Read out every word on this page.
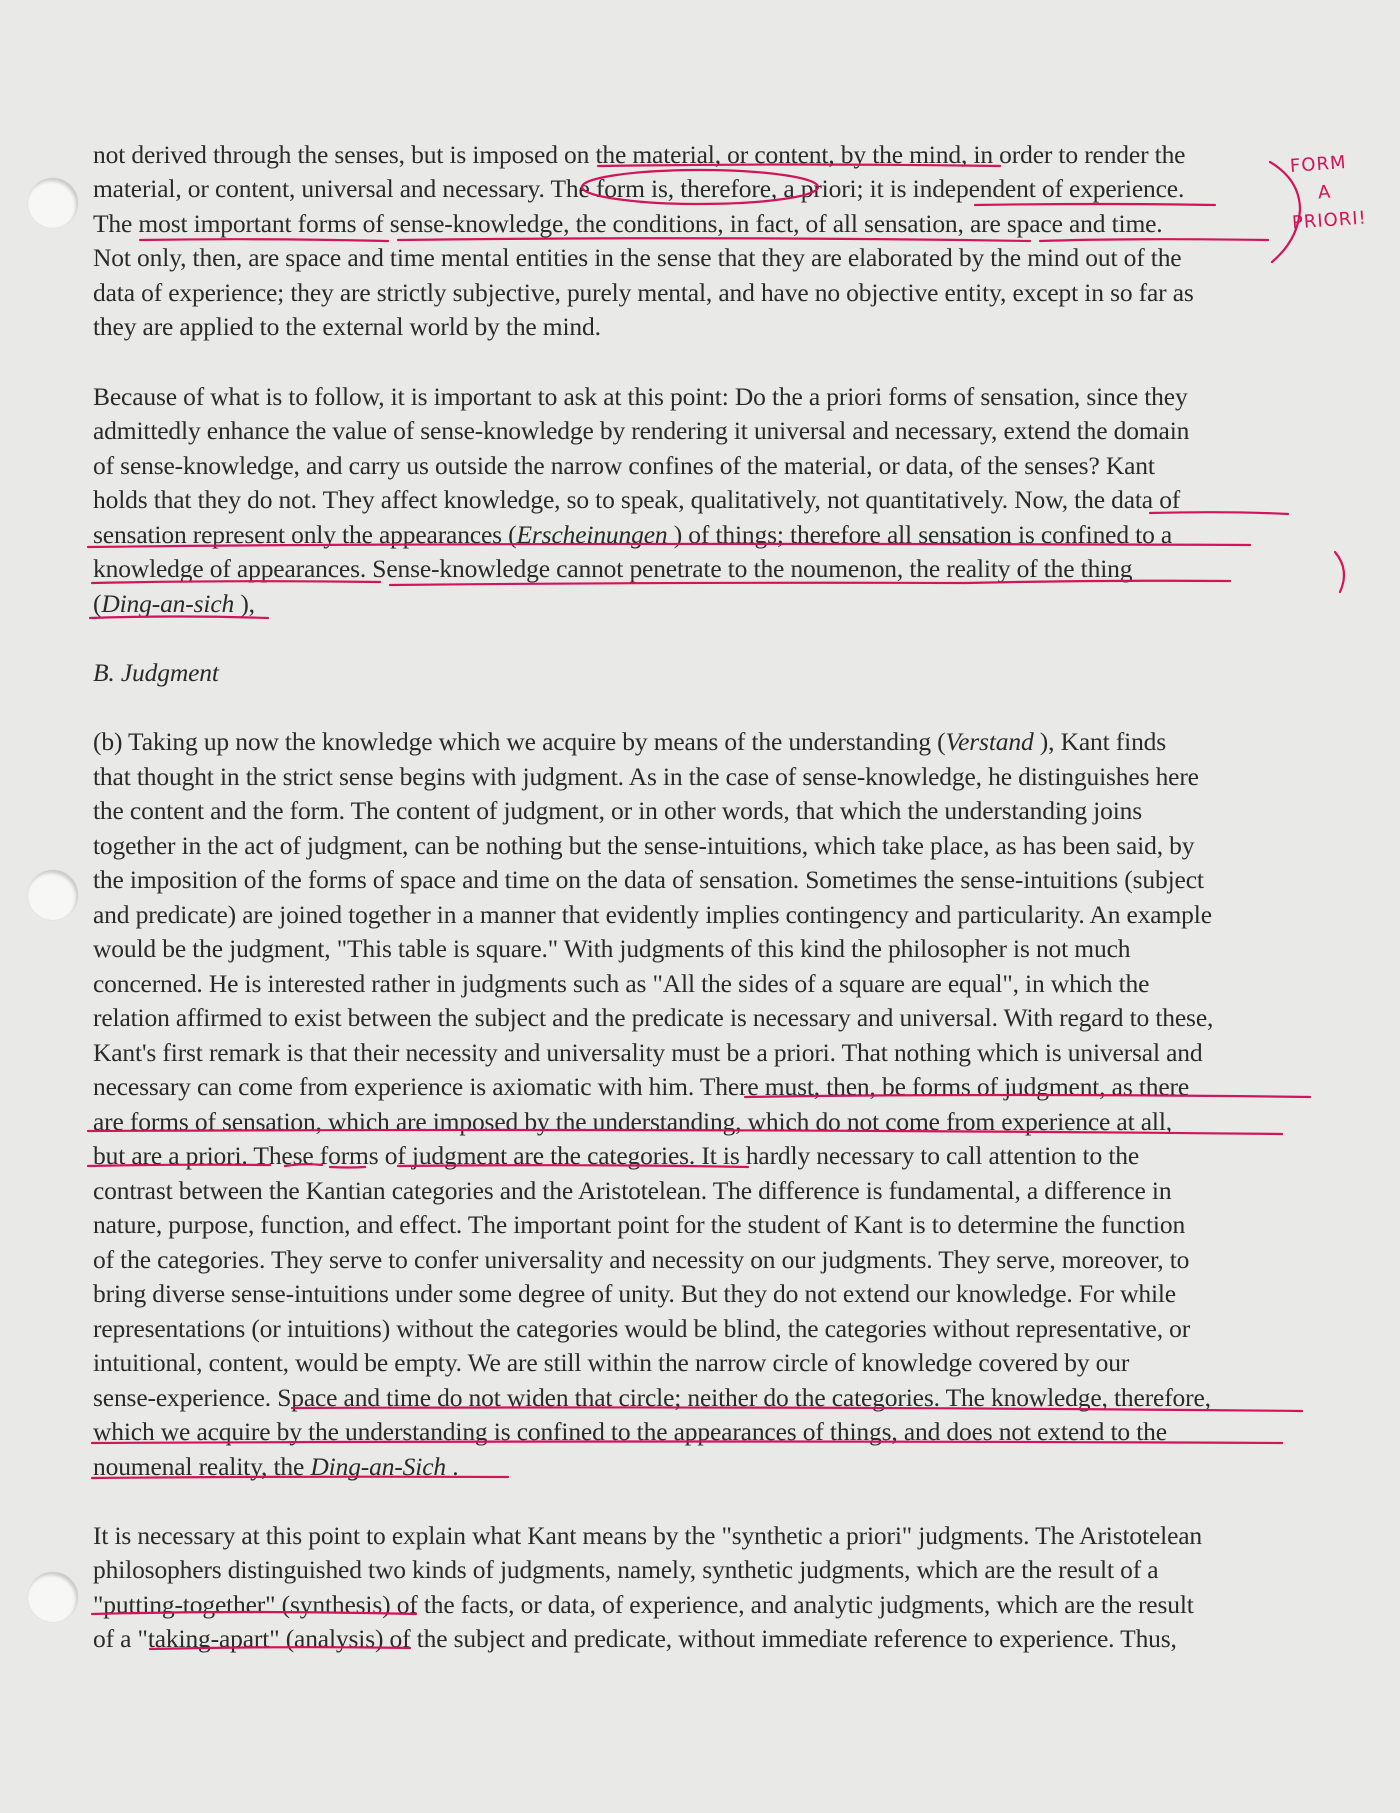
not derived through the senses, but is imposed on the material, or content, by the mind, in order to render the
material, or content, universal and necessary. The form is, therefore, a priori; it is independent of experience.
The most important forms of sense-knowledge, the conditions, in fact, of all sensation, are space and time.
Not only, then, are space and time mental entities in the sense that they are elaborated by the mind out of the
data of experience; they are strictly subjective, purely mental, and have no objective entity, except in so far as
they are applied to the external world by the mind.
Because of what is to follow, it is important to ask at this point: Do the a priori forms of sensation, since they
admittedly enhance the value of sense-knowledge by rendering it universal and necessary, extend the domain
of sense-knowledge, and carry us outside the narrow confines of the material, or data, of the senses? Kant
holds that they do not. They affect knowledge, so to speak, qualitatively, not quantitatively. Now, the data of
sensation represent only the appearances (Erscheinungen ) of things; therefore all sensation is confined to a
knowledge of appearances. Sense-knowledge cannot penetrate to the noumenon, the reality of the thing
(Ding-an-sich ),
B. Judgment
(b) Taking up now the knowledge which we acquire by means of the understanding (Verstand ), Kant finds
that thought in the strict sense begins with judgment. As in the case of sense-knowledge, he distinguishes here
the content and the form. The content of judgment, or in other words, that which the understanding joins
together in the act of judgment, can be nothing but the sense-intuitions, which take place, as has been said, by
the imposition of the forms of space and time on the data of sensation. Sometimes the sense-intuitions (subject
and predicate) are joined together in a manner that evidently implies contingency and particularity. An example
would be the judgment, "This table is square." With judgments of this kind the philosopher is not much
concerned. He is interested rather in judgments such as "All the sides of a square are equal", in which the
relation affirmed to exist between the subject and the predicate is necessary and universal. With regard to these,
Kant's first remark is that their necessity and universality must be a priori. That nothing which is universal and
necessary can come from experience is axiomatic with him. There must, then, be forms of judgment, as there
are forms of sensation, which are imposed by the understanding, which do not come from experience at all,
but are a priori. These forms of judgment are the categories. It is hardly necessary to call attention to the
contrast between the Kantian categories and the Aristotelean. The difference is fundamental, a difference in
nature, purpose, function, and effect. The important point for the student of Kant is to determine the function
of the categories. They serve to confer universality and necessity on our judgments. They serve, moreover, to
bring diverse sense-intuitions under some degree of unity. But they do not extend our knowledge. For while
representations (or intuitions) without the categories would be blind, the categories without representative, or
intuitional, content, would be empty. We are still within the narrow circle of knowledge covered by our
sense-experience. Space and time do not widen that circle; neither do the categories. The knowledge, therefore,
which we acquire by the understanding is confined to the appearances of things, and does not extend to the
noumenal reality, the Ding-an-Sich .
It is necessary at this point to explain what Kant means by the "synthetic a priori" judgments. The Aristotelean
philosophers distinguished two kinds of judgments, namely, synthetic judgments, which are the result of a
"putting-together" (synthesis) of the facts, or data, of experience, and analytic judgments, which are the result
of a "taking-apart" (analysis) of the subject and predicate, without immediate reference to experience. Thus,
FORM
A
PRIORI!
